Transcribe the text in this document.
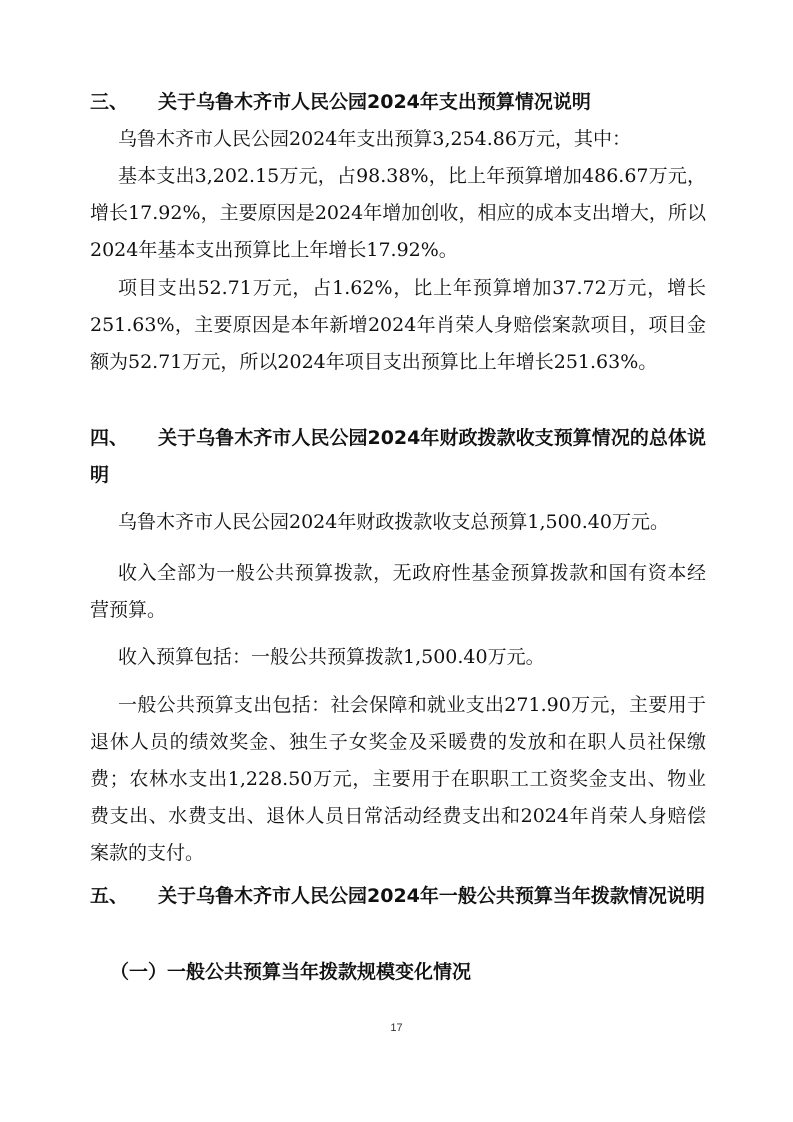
三、 关于乌鲁木齐市人民公园2024年支出预算情况说明

乌鲁木齐市人民公园2024年支出预算3,254.86万元，其中：

基本支出3,202.15万元，占98.38%，比上年预算增加486.67万元，增长17.92%，主要原因是2024年增加创收，相应的成本支出增大，所以2024年基本支出预算比上年增长17.92%。

项目支出52.71万元，占1.62%，比上年预算增加37.72万元，增长251.63%，主要原因是本年新增2024年肖荣人身赔偿案款项目，项目金额为52.71万元，所以2024年项目支出预算比上年增长251.63%。

四、 关于乌鲁木齐市人民公园2024年财政拨款收支预算情况的总体说明

乌鲁木齐市人民公园2024年财政拨款收支总预算1,500.40万元。

收入全部为一般公共预算拨款，无政府性基金预算拨款和国有资本经营预算。

收入预算包括：一般公共预算拨款1,500.40万元。

一般公共预算支出包括：社会保障和就业支出271.90万元，主要用于退休人员的绩效奖金、独生子女奖金及采暖费的发放和在职人员社保缴费；农林水支出1,228.50万元，主要用于在职职工工资奖金支出、物业费支出、水费支出、退休人员日常活动经费支出和2024年肖荣人身赔偿案款的支付。

五、 关于乌鲁木齐市人民公园2024年一般公共预算当年拨款情况说明
（一）一般公共预算当年拨款规模变化情况
17
